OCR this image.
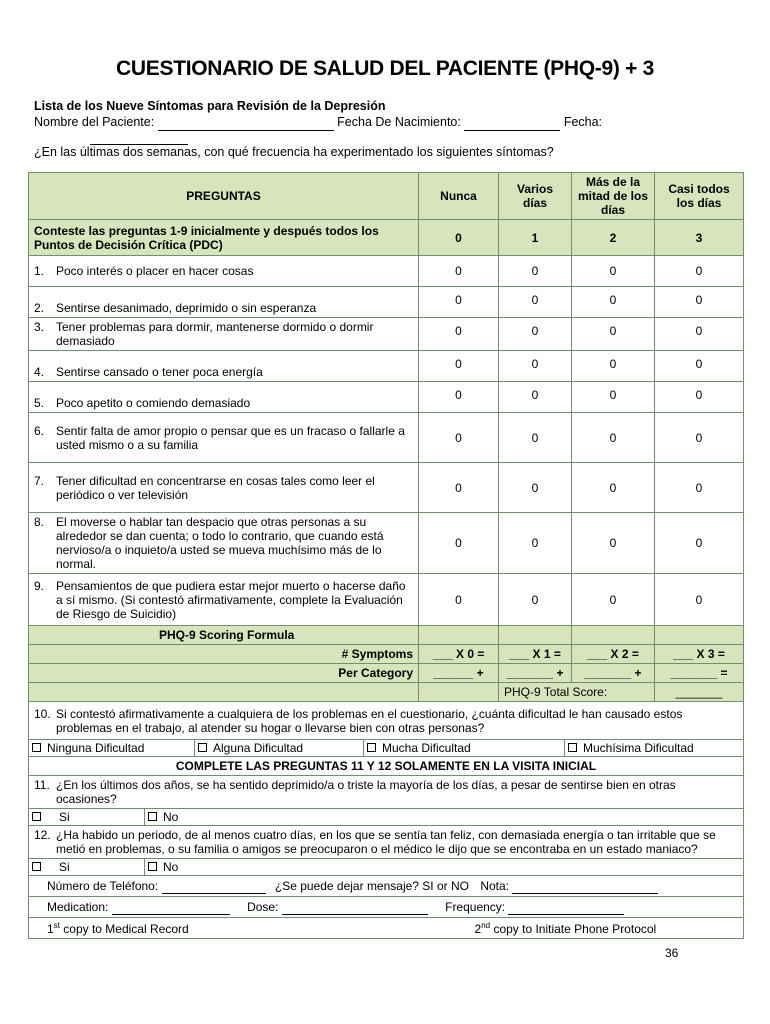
CUESTIONARIO DE SALUD DEL PACIENTE (PHQ-9) + 3
Lista de los Nueve Síntomas para Revisión de la Depresión
Nombre del Paciente:	Fecha De Nacimiento:	Fecha:

¿En las últimas dos semanas, con qué frecuencia ha experimentado los siguientes síntomas?
PREGUNTAS	Nunca	Varios días	Más de la mitad de los días	Casi todos los días
Conteste las preguntas 1-9 inicialmente y después todos los Puntos de Decisión Crítica (PDC)	0	1	2	3

1. Poco interés o placer en hacer cosas	0	0	0	0

2. Sentirse desanimado, deprimido o sin esperanza	0	0	0	0

3. Tener problemas para dormir, mantenerse dormido o dormir demasiado	0	0	0	0

4. Sentirse cansado o tener poca energía	0	0	0	0

5. Poco apetito o comiendo demasiado	0	0	0	0

6. Sentir falta de amor propio o pensar que es un fracaso o fallarle a usted mismo o a su familia	0	0	0	0

7. Tener dificultad en concentrarse en cosas tales como leer el periódico o ver televisión	0	0	0	0

8. El moverse o hablar tan despacio que otras personas a su alrededor se dan cuenta; o todo lo contrario, que cuando está nervioso/a o inquieto/a usted se mueva muchísimo más de lo normal.	0	0	0	0

9. Pensamientos de que pudiera estar mejor muerto o hacerse daño a sí mismo. (Si contestó afirmativamente, complete la Evaluación de Riesgo de Suicidio)	0	0	0	0
PHQ-9 Scoring Formula				
# Symptoms	___ X 0 =	___ X 1 =	___ X 2 =	___ X 3 =
Per Category	______ +	_______ +	_______ +	_______ =
		PHQ-9 Total Score:		_______

10. Si contestó afirmativamente a cualquiera de los problemas en el cuestionario, ¿cuánta dificultad le han causado estos problemas en el trabajo, al atender su hogar o llevarse bien con otras personas?				

Ninguna Dificultad Alguna Dificultad Mucha Dificultad Muchísima Dificultad				

COMPLETE LAS PREGUNTAS 11 Y 12 SOLAMENTE EN LA VISITA INICIAL				

11. ¿En los últimos dos años, se ha sentido deprimido/a o triste la mayoría de los días, a pesar de sentirse bien en otras ocasiones?				

Si No				

12. ¿Ha habido un periodo, de al menos cuatro días, en los que se sentía tan feliz, con demasiada energía o tan irritable que se metió en problemas, o su familia o amigos se preocuparon o el médico le dijo que se encontraba en un estado maniaco?				

Si No				

Número de Teléfono: ¿Se puede dejar mensaje? SI or NO Nota:				
Medication: Dose: Frequency:				
1st copy to Medical Record 2nd copy to Initiate Phone Protocol				
36
